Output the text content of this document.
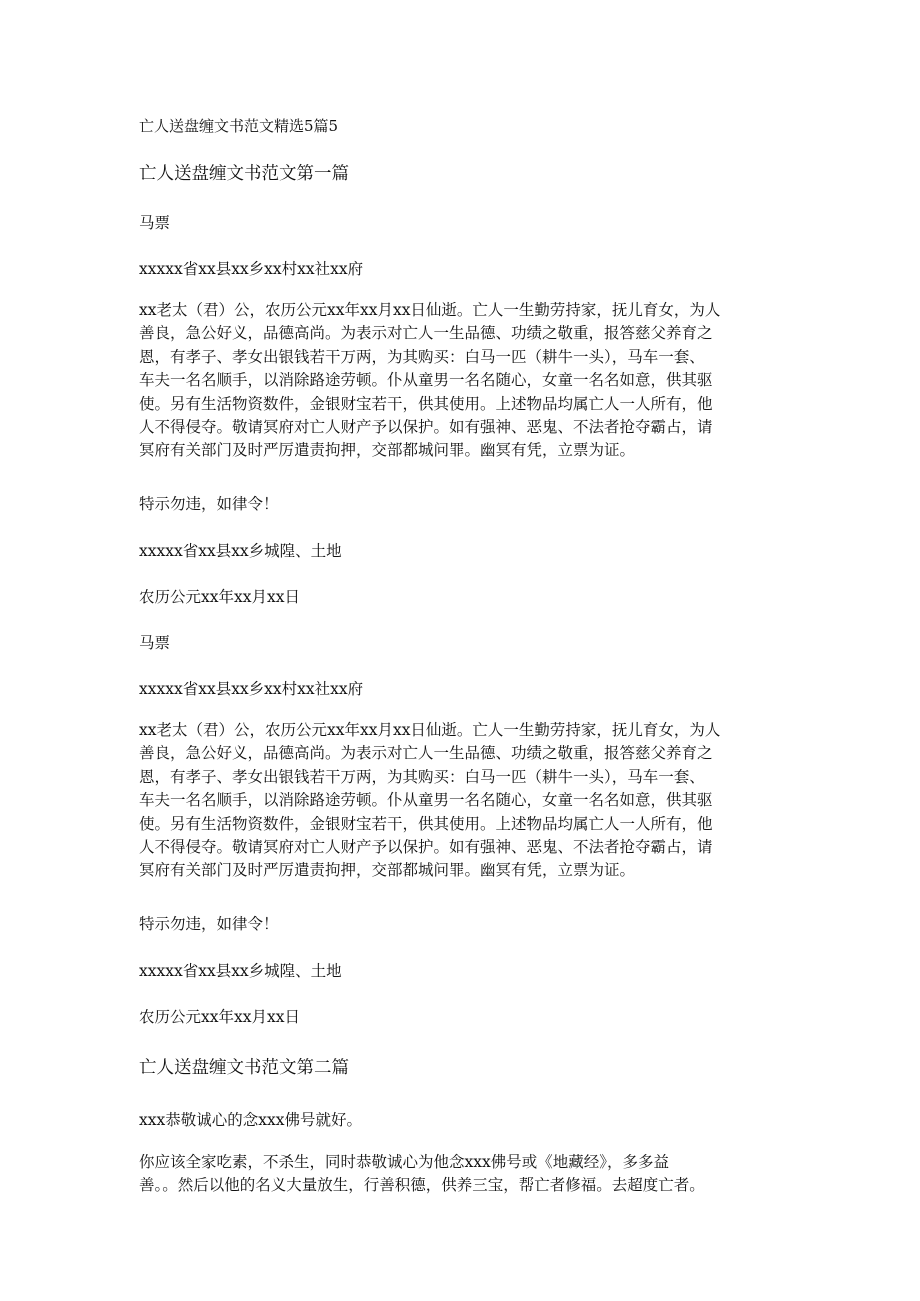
亡人送盘缠文书范文精选5篇5

亡人送盘缠文书范文第一篇

马票

xxxxx省xx县xx乡xx村xx社xx府

xx老太（君）公，农历公元xx年xx月xx日仙逝。亡人一生勤劳持家，抚儿育女，为人
善良，急公好义，品德高尚。为表示对亡人一生品德、功绩之敬重，报答慈父养育之
恩，有孝子、孝女出银钱若干万两，为其购买：白马一匹（耕牛一头），马车一套、
车夫一名名顺手，以消除路途劳顿。仆从童男一名名随心，女童一名名如意，供其驱
使。另有生活物资数件，金银财宝若干，供其使用。上述物品均属亡人一人所有，他
人不得侵夺。敬请冥府对亡人财产予以保护。如有强神、恶鬼、不法者抢夺霸占，请
冥府有关部门及时严厉遣责拘押，交部都城问罪。幽冥有凭，立票为证。

特示勿违，如律令！

xxxxx省xx县xx乡城隍、土地

农历公元xx年xx月xx日

马票

xxxxx省xx县xx乡xx村xx社xx府

xx老太（君）公，农历公元xx年xx月xx日仙逝。亡人一生勤劳持家，抚儿育女，为人
善良，急公好义，品德高尚。为表示对亡人一生品德、功绩之敬重，报答慈父养育之
恩，有孝子、孝女出银钱若干万两，为其购买：白马一匹（耕牛一头），马车一套、
车夫一名名顺手，以消除路途劳顿。仆从童男一名名随心，女童一名名如意，供其驱
使。另有生活物资数件，金银财宝若干，供其使用。上述物品均属亡人一人所有，他
人不得侵夺。敬请冥府对亡人财产予以保护。如有强神、恶鬼、不法者抢夺霸占，请
冥府有关部门及时严厉遣责拘押，交部都城问罪。幽冥有凭，立票为证。

特示勿违，如律令！

xxxxx省xx县xx乡城隍、土地

农历公元xx年xx月xx日

亡人送盘缠文书范文第二篇

xxx恭敬诚心的念xxx佛号就好。

你应该全家吃素，不杀生，同时恭敬诚心为他念xxx佛号或《地藏经》，多多益
善。。然后以他的名义大量放生，行善积德，供养三宝，帮亡者修福。去超度亡者。
